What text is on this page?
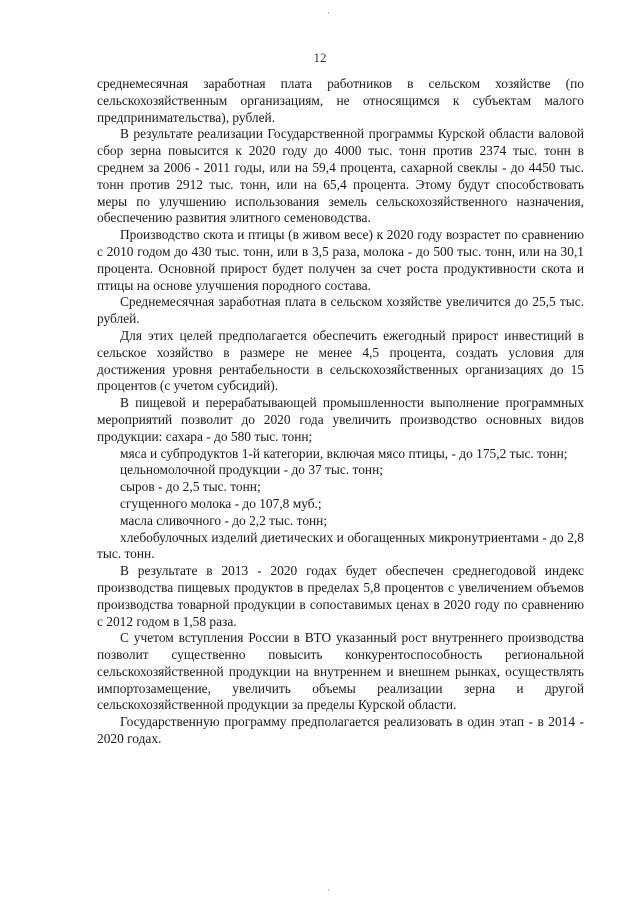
·
·
12

среднемесячная заработная плата работников в сельском хозяйстве (по сельскохозяйственным организациям, не относящимся к субъектам малого предпринимательства), рублей.

В результате реализации Государственной программы Курской области валовой сбор зерна повысится к 2020 году до 4000 тыс. тонн против 2374 тыс. тонн в среднем за 2006 - 2011 годы, или на 59,4 процента, сахарной свеклы - до 4450 тыс. тонн против 2912 тыс. тонн, или на 65,4 процента. Этому будут способствовать меры по улучшению использования земель сельскохозяйственного назначения, обеспечению развития элитного семеноводства.

Производство скота и птицы (в живом весе) к 2020 году возрастет по сравнению с 2010 годом до 430 тыс. тонн, или в 3,5 раза, молока - до 500 тыс. тонн, или на 30,1 процента. Основной прирост будет получен за счет роста продуктивности скота и птицы на основе улучшения породного состава.

Среднемесячная заработная плата в сельском хозяйстве увеличится до 25,5 тыс. рублей.

Для этих целей предполагается обеспечить ежегодный прирост инвестиций в сельское хозяйство в размере не менее 4,5 процента, создать условия для достижения уровня рентабельности в сельскохозяйственных организациях до 15 процентов (с учетом субсидий).

В пищевой и перерабатывающей промышленности выполнение программных мероприятий позволит до 2020 года увеличить производство основных видов продукции: сахара - до 580 тыс. тонн;

мяса и субпродуктов 1-й категории, включая мясо птицы, - до 175,2 тыс. тонн;

цельномолочной продукции - до 37 тыс. тонн;

сыров - до 2,5 тыс. тонн;

сгущенного молока - до 107,8 муб.;

масла сливочного - до 2,2 тыс. тонн;

хлебобулочных изделий диетических и обогащенных микронутриентами - до 2,8 тыс. тонн.

В результате в 2013 - 2020 годах будет обеспечен среднегодовой индекс производства пищевых продуктов в пределах 5,8 процентов с увеличением объемов производства товарной продукции в сопоставимых ценах в 2020 году по сравнению с 2012 годом в 1,58 раза.

С учетом вступления России в ВТО указанный рост внутреннего производства позволит существенно повысить конкурентоспособность региональной сельскохозяйственной продукции на внутреннем и внешнем рынках, осуществлять импортозамещение, увеличить объемы реализации зерна и другой сельскохозяйственной продукции за пределы Курской области.

Государственную программу предполагается реализовать в один этап - в 2014 - 2020 годах.
